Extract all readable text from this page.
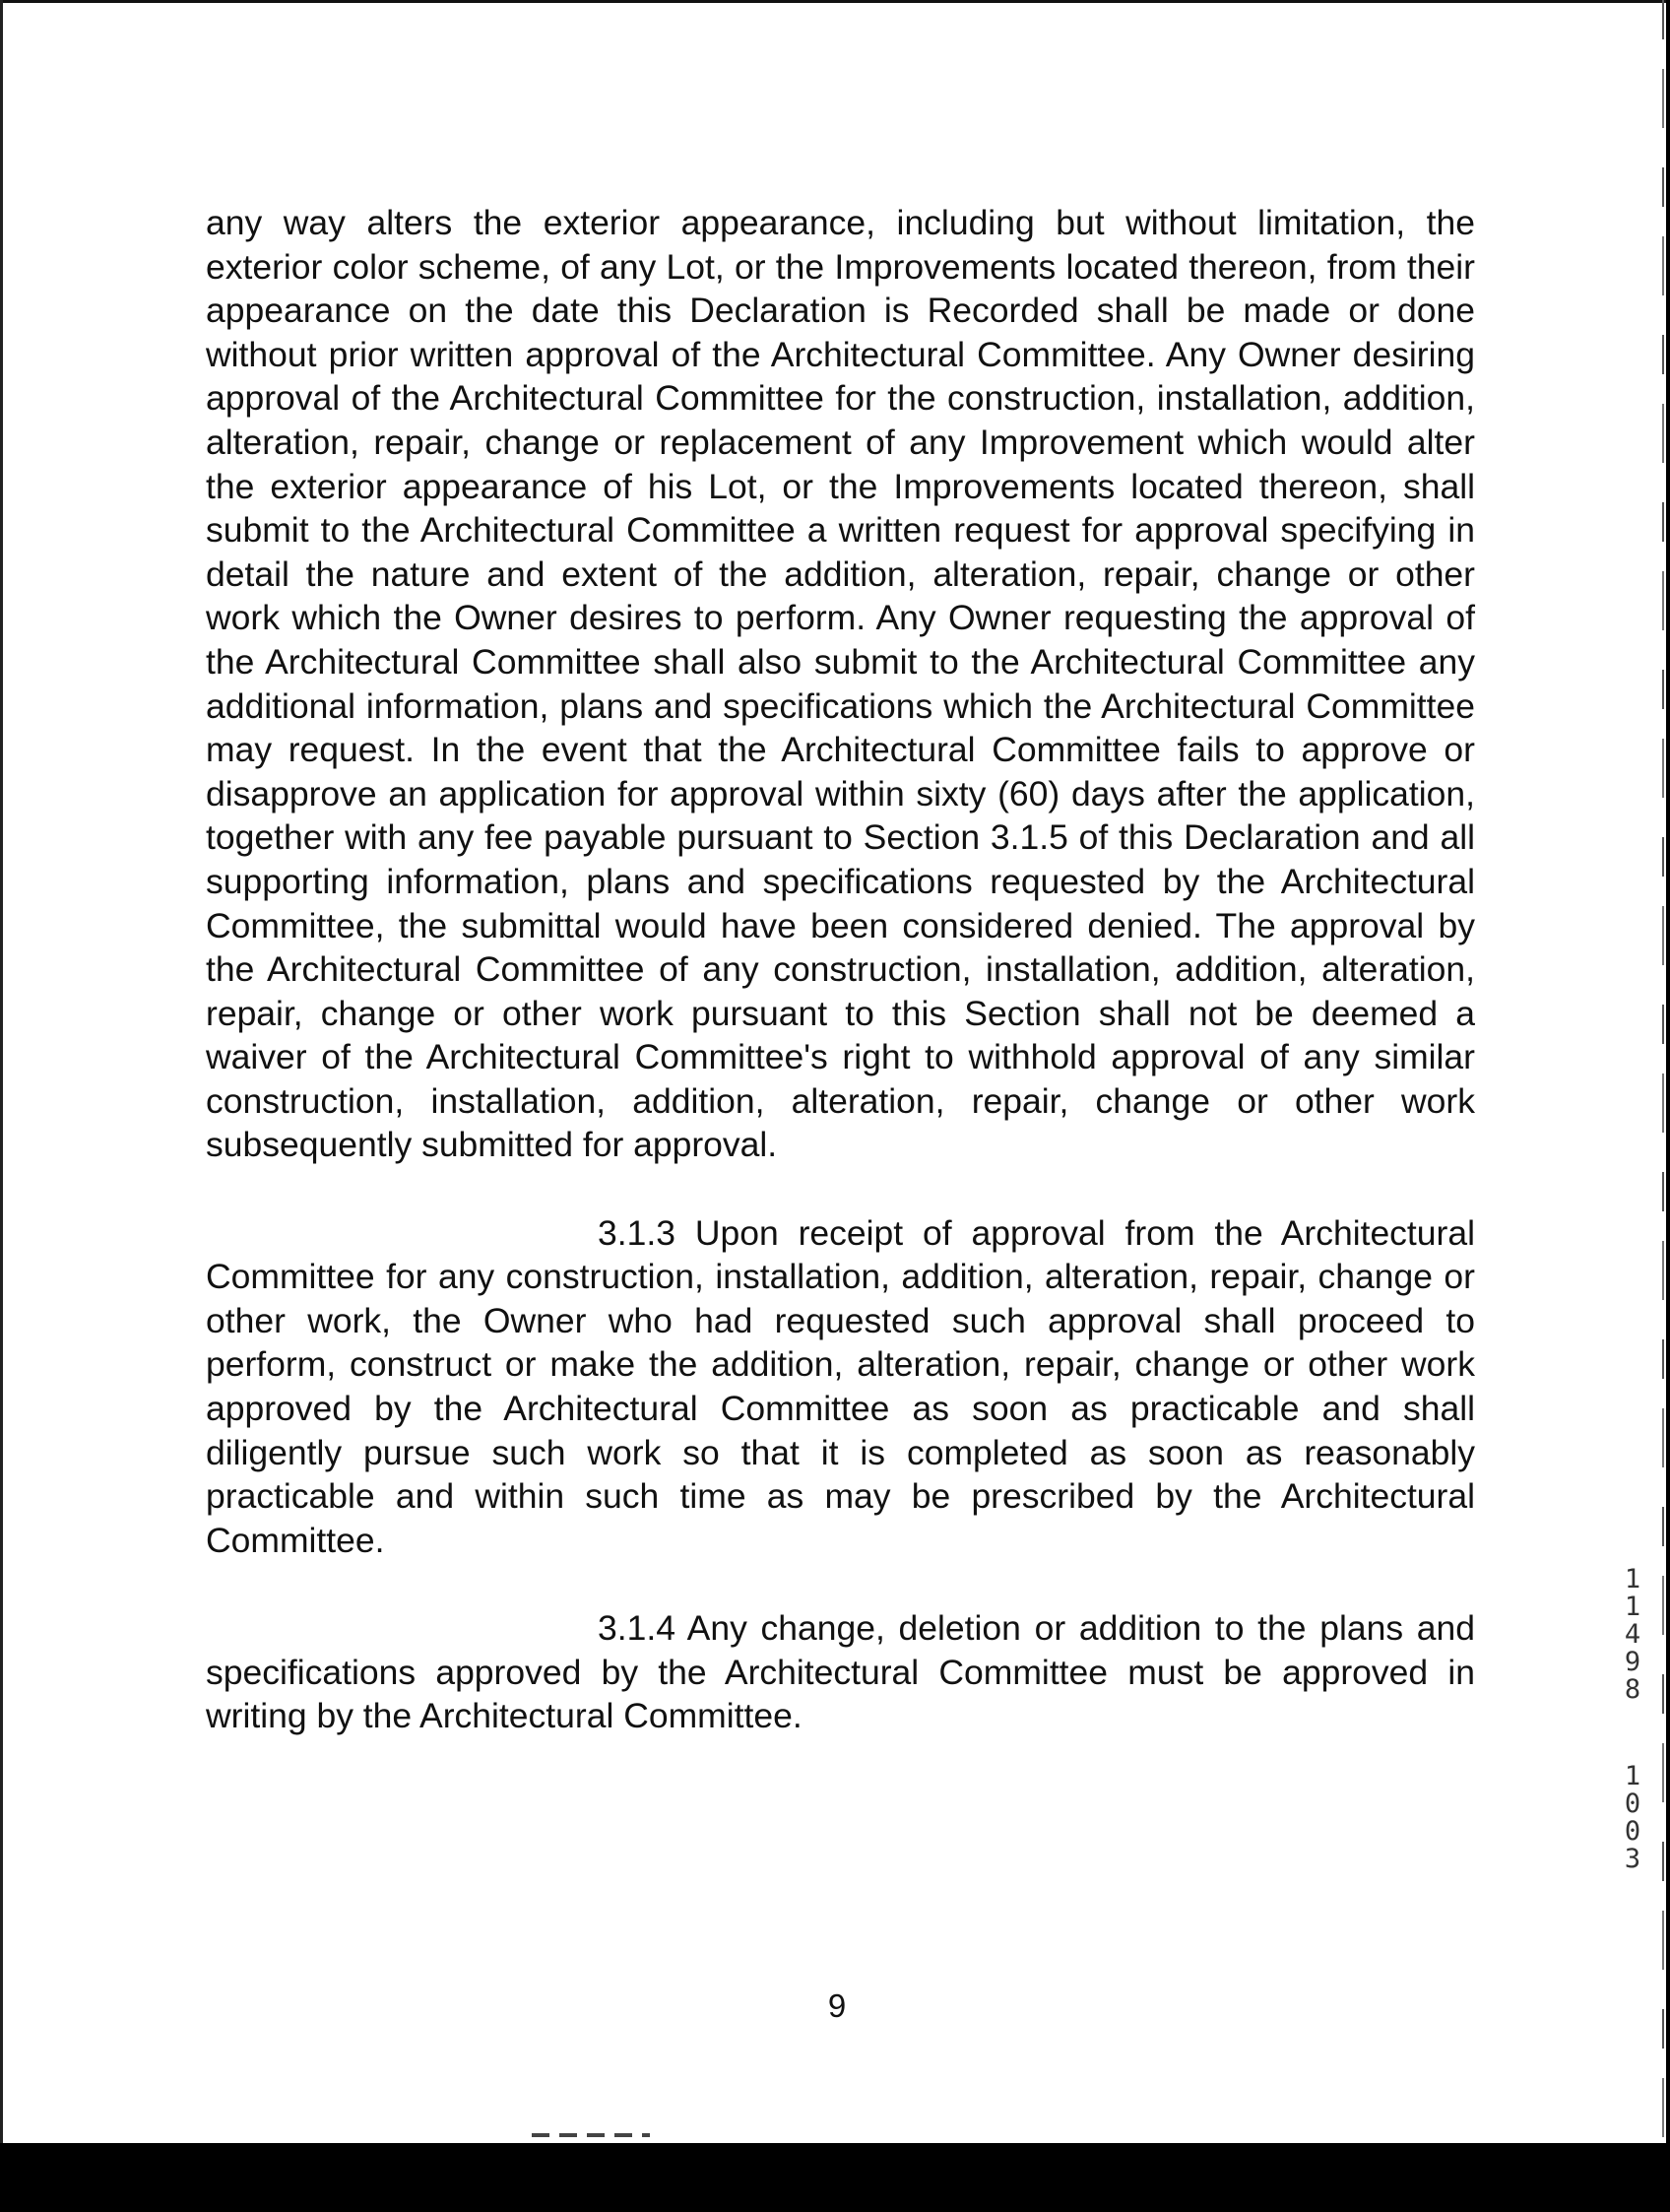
any way alters the exterior appearance, including but without limitation, the exterior color scheme, of any Lot, or the Improvements located thereon, from their appearance on the date this Declaration is Recorded shall be made or done without prior written approval of the Architectural Committee. Any Owner desiring approval of the Architectural Committee for the construction, installation, addition, alteration, repair, change or replacement of any Improvement which would alter the exterior appearance of his Lot, or the Improvements located thereon, shall submit to the Architectural Committee a written request for approval specifying in detail the nature and extent of the addition, alteration, repair, change or other work which the Owner desires to perform. Any Owner requesting the approval of the Architectural Committee shall also submit to the Architectural Committee any additional information, plans and specifications which the Architectural Committee may request. In the event that the Architectural Committee fails to approve or disapprove an application for approval within sixty (60) days after the application, together with any fee payable pursuant to Section 3.1.5 of this Declaration and all supporting information, plans and specifications requested by the Architectural Committee, the submittal would have been considered denied. The approval by the Architectural Committee of any construction, installation, addition, alteration, repair, change or other work pursuant to this Section shall not be deemed a waiver of the Architectural Committee's right to withhold approval of any similar construction, installation, addition, alteration, repair, change or other work subsequently submitted for approval.

3.1.3 Upon receipt of approval from the Architectural Committee for any construction, installation, addition, alteration, repair, change or other work, the Owner who had requested such approval shall proceed to perform, construct or make the addition, alteration, repair, change or other work approved by the Architectural Committee as soon as practicable and shall diligently pursue such work so that it is completed as soon as reasonably practicable and within such time as may be prescribed by the Architectural Committee.

3.1.4 Any change, deletion or addition to the plans and specifications approved by the Architectural Committee must be approved in writing by the Architectural Committee.

9
1
1
4
9
8
1
0
0
3
